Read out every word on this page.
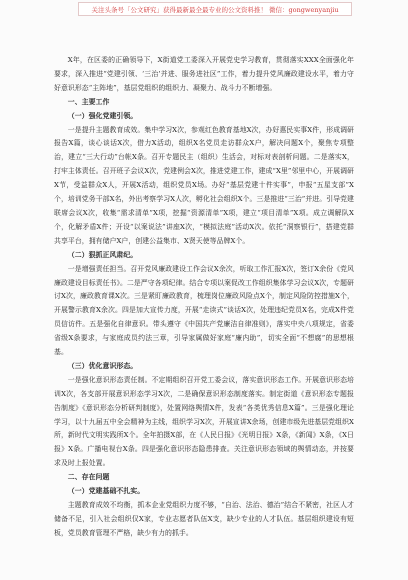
关注头条号「公文研究」获得最新最全最专业的公文资料推！ 微信：gongwenyanjiu

X年，在区委的正确领导下，X街道党工委深入开展党史学习教育，贯彻落实XXX全面强化年要求，深入推进“党建引领、‘三治’并进、服务进社区”工作，着力提升党风廉政建设水平，着力守好意识形态“主阵地”，基层党组织的组织力、凝聚力、战斗力不断增强。

一、主要工作

（一）强化党建引领。

一是提升主题教育成效。集中学习X次，参观红色教育基地X次，办好惠民实事X件，形成调研报告X篇，谈心谈话X次，借力X活动，组织X名党员走访群众X户，解决问题X个，聚焦专项整治，建立“三大行动”台帐X条。召开专题民主（组织）生活会，对标对表剖析问题。二是落实X，打牢主体责任。召开班子会议X次，党建例会X次，推进党建工作，建成“X里”邻里中心，开展调研X节，受益群众X人，开展X活动，组织党员X场。办好“基层党建十件实事”，申报“五星支部”X个，培训党务干部X名，外出考察学习X人次，孵化社会组织X个。三是推进“三治”并进。引导党建联席会议X次，收集“需求清单”X项，挖掘“资源清单”X项，建立“项目清单”X项。成立调解队X个，化解矛盾X件；开设“以案说法”讲座X次，“模拟法庭”活动X次。依托“洞察银行”，搭建党群共享平台，拥有储户X户，创建公益集市、X贤天使等品牌X个。

（二）狠抓正风肃纪。

一是增强责任担当。召开党风廉政建设工作会议X余次，听取工作汇报X次，签订X余份《党风廉政建设目标责任书》。二是严守各项纪律。结合专项以案促改工作组织集体学习会议X次，专题研讨X次，廉政教育课X次。三是紧盯廉政教育，梳理岗位廉政风险点X个，制定风险防控措施X个，开展警示教育X余次。四是加大宣传力度，开展“走读式”谈话X次，处理违纪党员X名，完成X件党员信访件。五是强化自律意识。带头遵守《中国共产党廉洁自律准则》，落实中央八项规定，省委省级X条要求，与家庭成员约法三章，引导家属做好家庭“廉内助”，切实全面“不想腐”的思想根基。

（三）优化意识形态。

一是强化意识形态责任制。不定期组织召开党工委会议，落实意识形态工作。开展意识形态培训X次，各支部开展意识形态学习X次，二是确保意识形态制度落实。制定街道《意识形态专题报告制度》《意识形态分析研判制度》，处置网络舆情X件，发表“各类优秀信息X篇”。三是强化理论学习，以十九届五中全会精神为主线，组织学习X次，开展宣讲X余场，创建市级先进基层党组织X所，新时代文明实践所X个。全年拍摄X部，在《人民日报》《光明日报》X条，《新闻》X条，《X日报》X条。广播电视台X条。四是强化意识形态隐患排查。关注意识形态领域的舆情动态，并按要求及时上报处置。

二、存在问题

（一）党建基础不扎实。

主题教育成效不均衡，抓本企业党组织力度不够，“自治、法治、德治”结合不紧密，社区人才储备不足，引入社会组织仅X家，专业志愿者队伍X支，缺少专业的人才队伍。基层组织建设有短板，党员教育管理不严格，缺少有力的抓手。
